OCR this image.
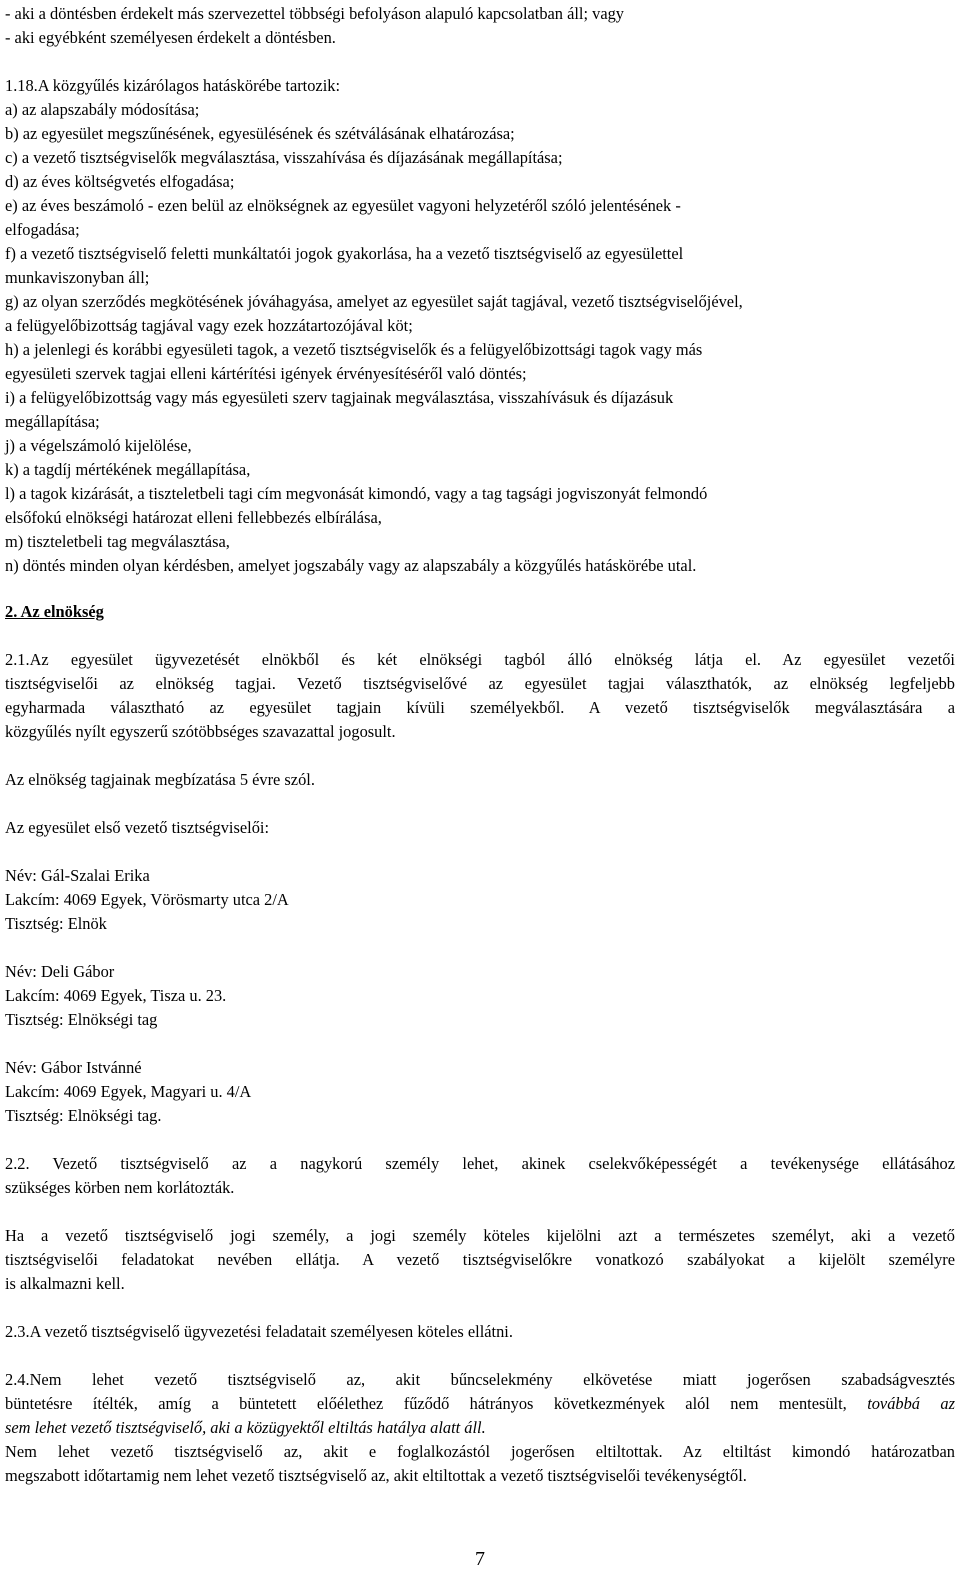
- aki a döntésben érdekelt más szervezettel többségi befolyáson alapuló kapcsolatban áll; vagy
- aki egyébként személyesen érdekelt a döntésben.
1.18.A közgyűlés kizárólagos hatáskörébe tartozik:
a) az alapszabály módosítása;
b) az egyesület megszűnésének, egyesülésének és szétválásának elhatározása;
c) a vezető tisztségviselők megválasztása, visszahívása és díjazásának megállapítása;
d) az éves költségvetés elfogadása;
e) az éves beszámoló - ezen belül az elnökségnek az egyesület vagyoni helyzetéről szóló jelentésének -
elfogadása;
f) a vezető tisztségviselő feletti munkáltatói jogok gyakorlása, ha a vezető tisztségviselő az egyesülettel
munkaviszonyban áll;
g) az olyan szerződés megkötésének jóváhagyása, amelyet az egyesület saját tagjával, vezető tisztségviselőjével,
a felügyelőbizottság tagjával vagy ezek hozzátartozójával köt;
h) a jelenlegi és korábbi egyesületi tagok, a vezető tisztségviselők és a felügyelőbizottsági tagok vagy más
egyesületi szervek tagjai elleni kártérítési igények érvényesítéséről való döntés;
i) a felügyelőbizottság vagy más egyesületi szerv tagjainak megválasztása, visszahívásuk és díjazásuk
megállapítása;
j) a végelszámoló kijelölése,
k) a tagdíj mértékének megállapítása,
l) a tagok kizárását, a tiszteletbeli tagi cím megvonását kimondó, vagy a tag tagsági jogviszonyát felmondó
elsőfokú elnökségi határozat elleni fellebbezés elbírálása,
m) tiszteletbeli tag megválasztása,
n) döntés minden olyan kérdésben, amelyet jogszabály vagy az alapszabály a közgyűlés hatáskörébe utal.
2. Az elnökség
2.1.Az egyesület ügyvezetését elnökből és két elnökségi tagból álló elnökség látja el. Az egyesület vezetői
tisztségviselői az elnökség tagjai. Vezető tisztségviselővé az egyesület tagjai választhatók, az elnökség legfeljebb
egyharmada választható az egyesület tagjain kívüli személyekből. A vezető tisztségviselők megválasztására a
közgyűlés nyílt egyszerű szótöbbséges szavazattal jogosult.
Az elnökség tagjainak megbízatása 5 évre szól.
Az egyesület első vezető tisztségviselői:
Név: Gál-Szalai Erika
Lakcím: 4069 Egyek, Vörösmarty utca 2/A
Tisztség: Elnök
Név: Deli Gábor
Lakcím: 4069 Egyek, Tisza u. 23.
Tisztség: Elnökségi tag
Név: Gábor Istvánné
Lakcím: 4069 Egyek, Magyari u. 4/A
Tisztség: Elnökségi tag.
2.2. Vezető tisztségviselő az a nagykorú személy lehet, akinek cselekvőképességét a tevékenysége ellátásához
szükséges körben nem korlátozták.
Ha a vezető tisztségviselő jogi személy, a jogi személy köteles kijelölni azt a természetes személyt, aki a vezető
tisztségviselői feladatokat nevében ellátja. A vezető tisztségviselőkre vonatkozó szabályokat a kijelölt személyre
is alkalmazni kell.
2.3.A vezető tisztségviselő ügyvezetési feladatait személyesen köteles ellátni.
2.4.Nem lehet vezető tisztségviselő az, akit bűncselekmény elkövetése miatt jogerősen szabadságvesztés
büntetésre ítélték, amíg a büntetett előélethez fűződő hátrányos következmények alól nem mentesült, továbbá az
sem lehet vezető tisztségviselő, aki a közügyektől eltiltás hatálya alatt áll.
Nem lehet vezető tisztségviselő az, akit e foglalkozástól jogerősen eltiltottak. Az eltiltást kimondó határozatban
megszabott időtartamig nem lehet vezető tisztségviselő az, akit eltiltottak a vezető tisztségviselői tevékenységtől.
7
